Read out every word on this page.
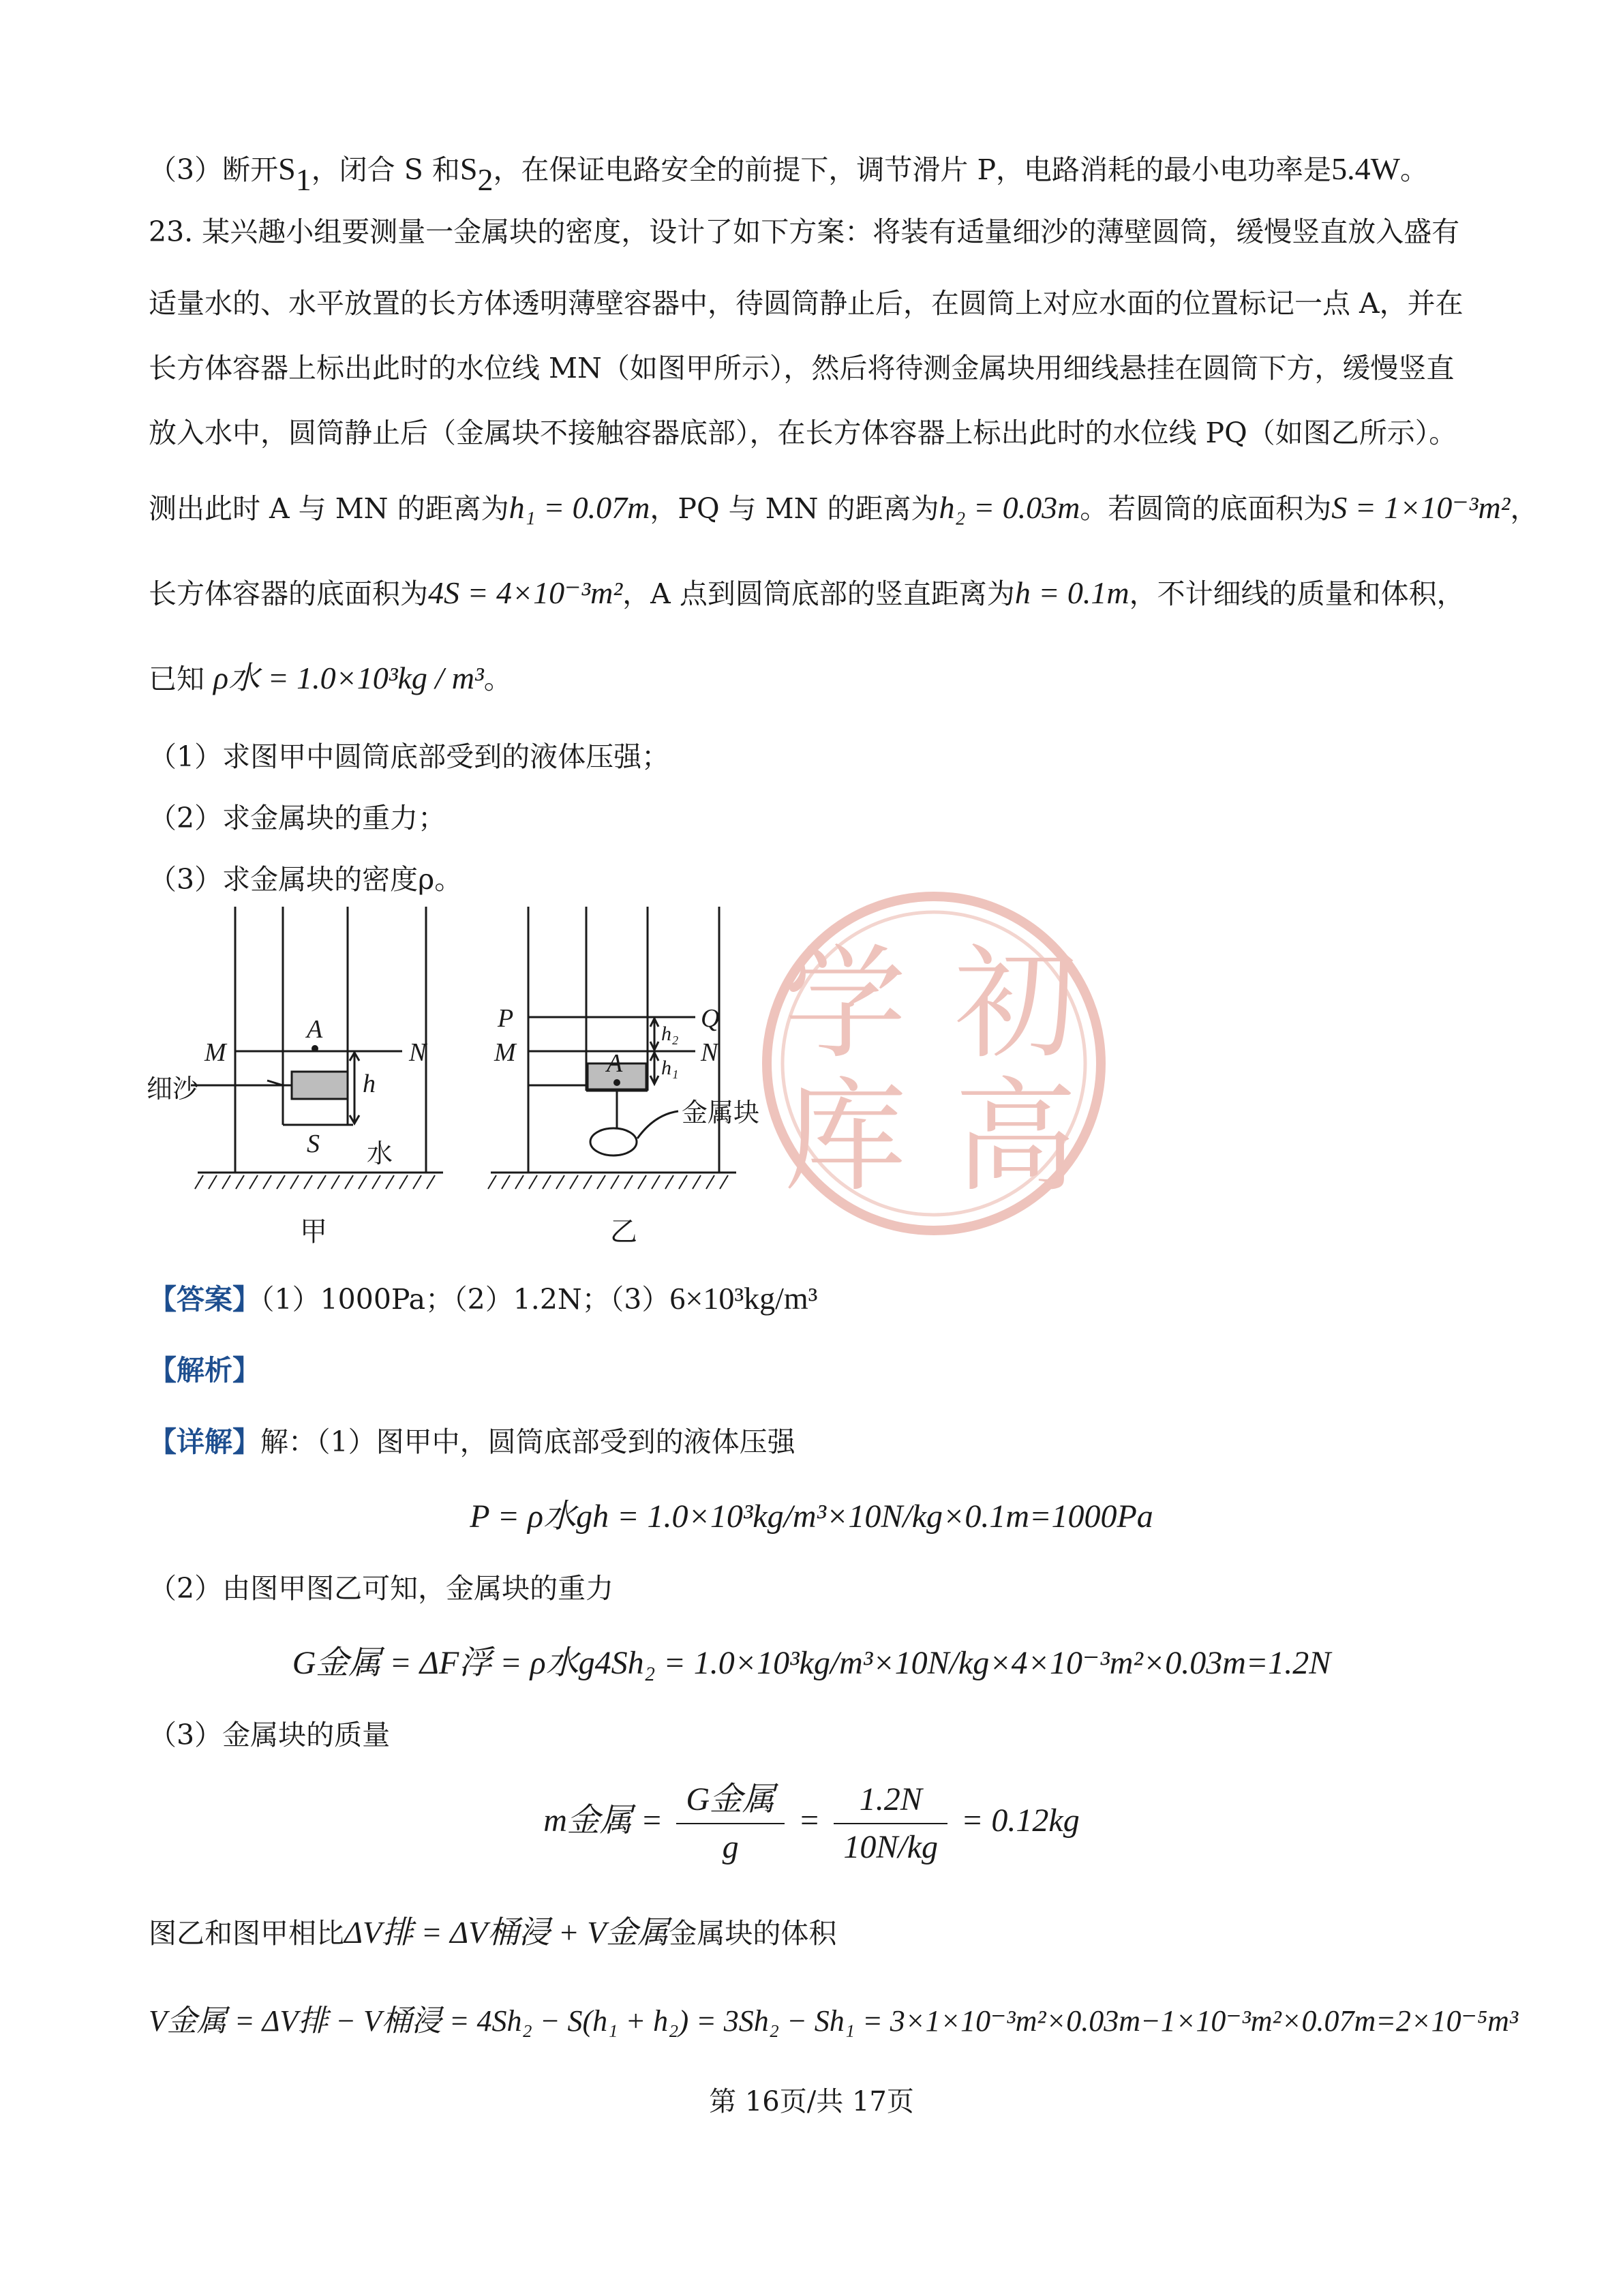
学 初
库 高
（3）断开$S_1$，闭合 S 和$S_2$，在保证电路安全的前提下，调节滑片 P，电路消耗的最小电功率是5.4W。
23. 某兴趣小组要测量一金属块的密度，设计了如下方案：将装有适量细沙的薄壁圆筒，缓慢竖直放入盛有
适量水的、水平放置的长方体透明薄壁容器中，待圆筒静止后，在圆筒上对应水面的位置标记一点 A，并在
长方体容器上标出此时的水位线 MN（如图甲所示），然后将待测金属块用细线悬挂在圆筒下方，缓慢竖直
放入水中，圆筒静止后（金属块不接触容器底部），在长方体容器上标出此时的水位线 PQ（如图乙所示）。
测出此时 A 与 MN 的距离为h₁ = 0.07m，PQ 与 MN 的距离为h₂ = 0.03m。若圆筒的底面积为S = 1×10⁻³m²，
长方体容器的底面积为4S = 4×10⁻³m²，A 点到圆筒底部的竖直距离为h = 0.1m，不计细线的质量和体积，
已知 ρ水 = 1.0×10³kg / m³。
（1）求图甲中圆筒底部受到的液体压强；
（2）求金属块的重力；
（3）求金属块的密度ρ。
M	N
A
h
S
细沙
水
甲
P	Q
M	N
A
h₂
h₁
金属块
乙
【答案】（1）1000Pa；（2）1.2N；（3）6×10³kg/m³
【解析】
【详解】解：（1）图甲中，圆筒底部受到的液体压强
P = ρ水gh = 1.0×10³kg/m³×10N/kg×0.1m=1000Pa
（2）由图甲图乙可知，金属块的重力
G金属 = ΔF浮 = ρ水g4Sh₂ = 1.0×10³kg/m³×10N/kg×4×10⁻³m²×0.03m=1.2N
（3）金属块的质量
m金属 = $\frac{\text{G金属}}{g} = \frac{1.2N}{10N/kg} = 0.12kg$
图乙和图甲相比ΔV排 = ΔV桶浸 + V金属金属块的体积
V金属 = ΔV排 − V桶浸 = 4Sh₂ − S(h₁ + h₂) = 3Sh₂ − Sh₁ = 3×1×10⁻³m²×0.03m−1×10⁻³m²×0.07m=2×10⁻⁵m³
第 16页/共 17页
